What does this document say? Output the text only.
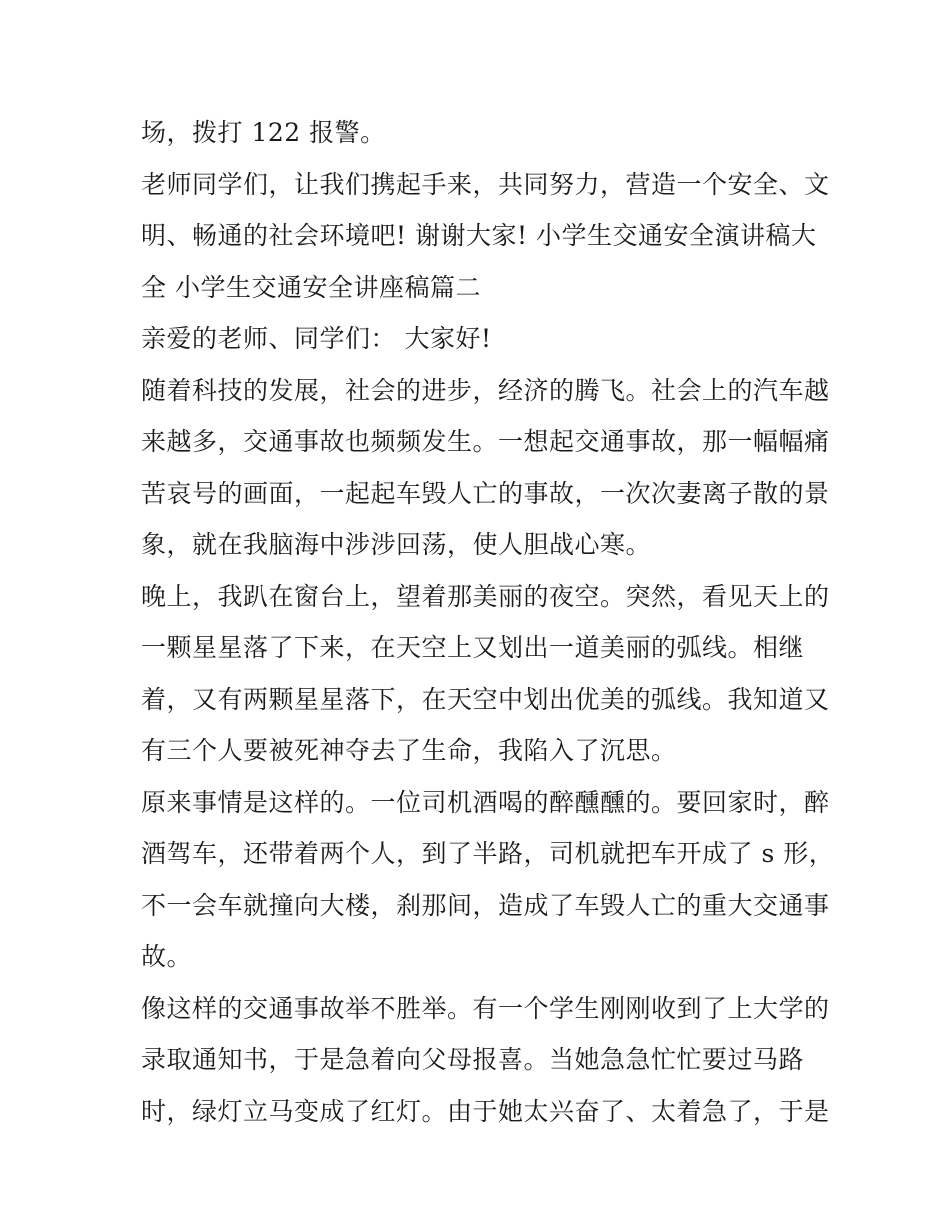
场，拨打 122 报警。
老师同学们，让我们携起手来，共同努力，营造一个安全、文
明、畅通的社会环境吧! 谢谢大家! 小学生交通安全演讲稿大
全 小学生交通安全讲座稿篇二
亲爱的老师、同学们： 大家好!
随着科技的发展，社会的进步，经济的腾飞。社会上的汽车越
来越多，交通事故也频频发生。一想起交通事故，那一幅幅痛
苦哀号的画面，一起起车毁人亡的事故，一次次妻离子散的景
象，就在我脑海中涉涉回荡，使人胆战心寒。
晚上，我趴在窗台上，望着那美丽的夜空。突然，看见天上的
一颗星星落了下来，在天空上又划出一道美丽的弧线。相继
着，又有两颗星星落下，在天空中划出优美的弧线。我知道又
有三个人要被死神夺去了生命，我陷入了沉思。
原来事情是这样的。一位司机酒喝的醉醺醺的。要回家时，醉
酒驾车，还带着两个人，到了半路，司机就把车开成了 s 形，
不一会车就撞向大楼，刹那间，造成了车毁人亡的重大交通事
故。
像这样的交通事故举不胜举。有一个学生刚刚收到了上大学的
录取通知书，于是急着向父母报喜。当她急急忙忙要过马路
时，绿灯立马变成了红灯。由于她太兴奋了、太着急了，于是
